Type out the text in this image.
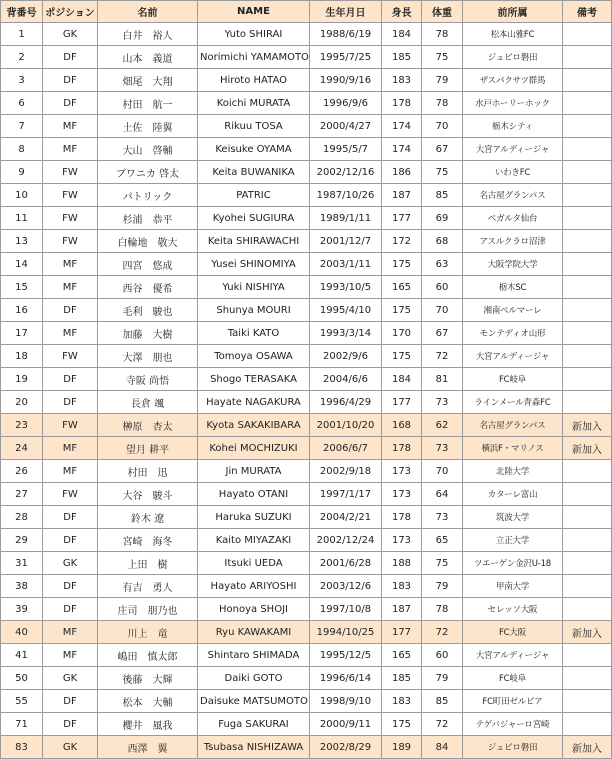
背番号	ポジション	名前	NAME	生年月日	身長	体重	前所属	備考
1	GK	白井　裕人	Yuto SHIRAI	1988/6/19	184	78	松本山雅FC	
2	DF	山本　義道	Norimichi YAMAMOTO	1995/7/25	185	75	ジュビロ磐田	
3	DF	畑尾　大翔	Hiroto HATAO	1990/9/16	183	79	ザスパクサツ群馬	
6	DF	村田　航一	Koichi MURATA	1996/9/6	178	78	水戸ホーリーホック	
7	MF	土佐　陸翼	Rikuu TOSA	2000/4/27	174	70	栃木シティ	
8	MF	大山　啓輔	Keisuke OYAMA	1995/5/7	174	67	大宮アルディージャ	
9	FW	ブワニカ 啓太	Keita BUWANIKA	2002/12/16	186	75	いわきFC	
10	FW	パトリック	PATRIC	1987/10/26	187	85	名古屋グランパス	
11	FW	杉浦　恭平	Kyohei SUGIURA	1989/1/11	177	69	ベガルタ仙台	
13	FW	白輪地　敬大	Keita SHIRAWACHI	2001/12/7	172	68	アスルクラロ沼津	
14	MF	四宮　悠成	Yusei SHINOMIYA	2003/1/11	175	63	大阪学院大学	
15	MF	西谷　優希	Yuki NISHIYA	1993/10/5	165	60	栃木SC	
16	DF	毛利　駿也	Shunya MOURI	1995/4/10	175	70	湘南ベルマーレ	
17	MF	加藤　大樹	Taiki KATO	1993/3/14	170	67	モンテディオ山形	
18	FW	大澤　朋也	Tomoya OSAWA	2002/9/6	175	72	大宮アルディージャ	
19	DF	寺阪 尚悟	Shogo TERASAKA	2004/6/6	184	81	FC岐阜	
20	DF	長倉 颯	Hayate NAGAKURA	1996/4/29	177	73	ラインメール青森FC	
23	FW	榊原　杏太	Kyota SAKAKIBARA	2001/10/20	168	62	名古屋グランパス	新加入
24	MF	望月 耕平	Kohei MOCHIZUKI	2006/6/7	178	73	横浜F・マリノス	新加入
26	MF	村田　迅	Jin MURATA	2002/9/18	173	70	北陸大学	
27	FW	大谷　駿斗	Hayato OTANI	1997/1/17	173	64	カターレ富山	
28	DF	鈴木 遼	Haruka SUZUKI	2004/2/21	178	73	筑波大学	
29	DF	宮崎　海冬	Kaito MIYAZAKI	2002/12/24	173	65	立正大学	
31	GK	上田　樹	Itsuki UEDA	2001/6/28	188	75	ツエーゲン金沢U-18	
38	DF	有吉　勇人	Hayato ARIYOSHI	2003/12/6	183	79	甲南大学	
39	DF	庄司　朋乃也	Honoya SHOJI	1997/10/8	187	78	セレッソ大阪	
40	MF	川上　竜	Ryu KAWAKAMI	1994/10/25	177	72	FC大阪	新加入
41	MF	嶋田　慎太郎	Shintaro SHIMADA	1995/12/5	165	60	大宮アルディージャ	
50	GK	後藤　大輝	Daiki GOTO	1996/6/14	185	79	FC岐阜	
55	DF	松本　大輔	Daisuke MATSUMOTO	1998/9/10	183	85	FC町田ゼルビア	
71	DF	櫻井　風我	Fuga SAKURAI	2000/9/11	175	72	テゲバジャーロ宮崎	
83	GK	西澤　翼	Tsubasa NISHIZAWA	2002/8/29	189	84	ジュビロ磐田	新加入
